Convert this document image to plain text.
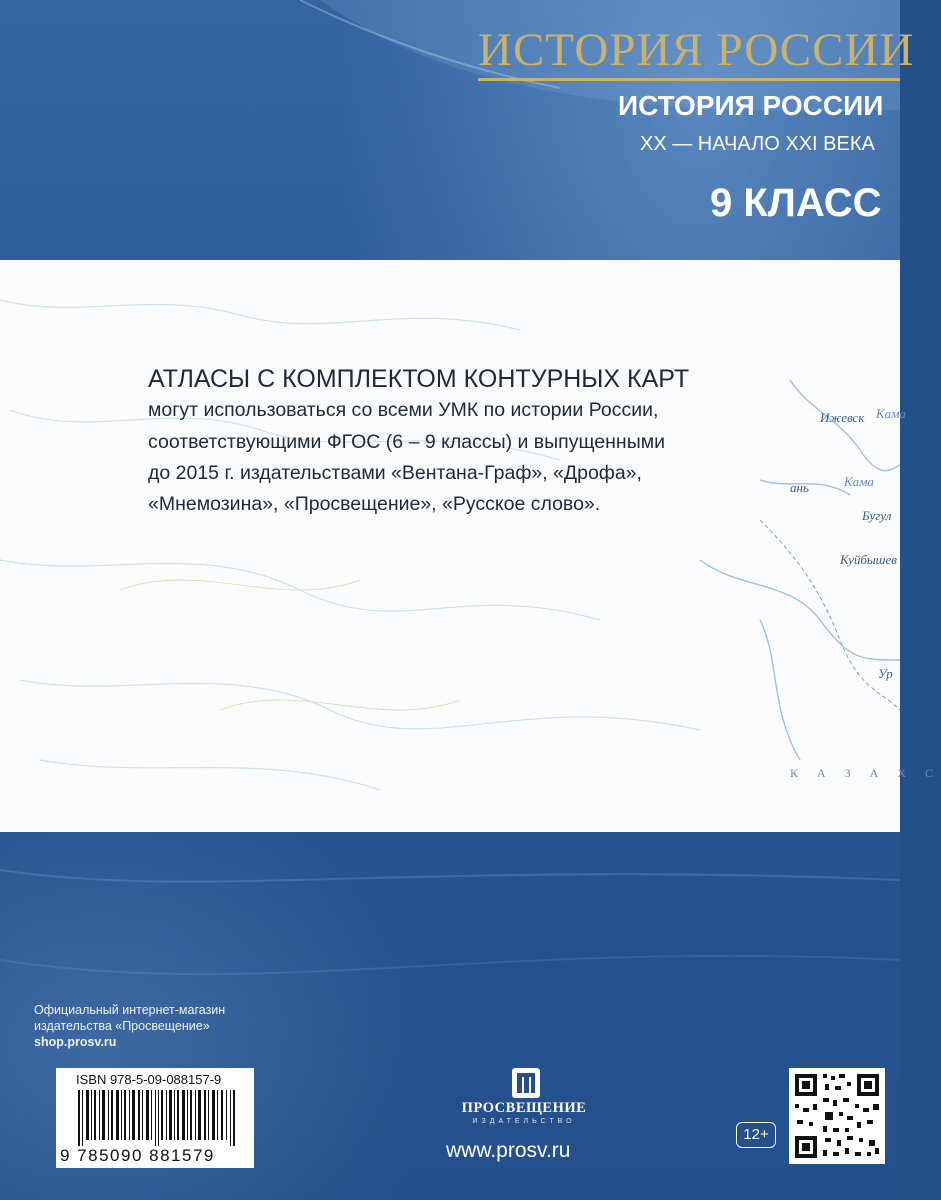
ИСТОРИЯ РОССИИ
ИСТОРИЯ РОССИИ
XX — НАЧАЛО XXI ВЕКА
9 КЛАСС
Ижевск Кама
Кама
ань
Бугул
Куйбышев
Ур
К А З А Х С
АТЛАСЫ С КОМПЛЕКТОМ КОНТУРНЫХ КАРТ
могут использоваться со всеми УМК по истории России,
соответствующими ФГОС (6 – 9 классы) и выпущенными
до 2015 г. издательствами «Вентана-Граф», «Дрофа»,
«Мнемозина», «Просвещение», «Русское слово».
Официальный интернет-магазин
издательства «Просвещение»
shop.prosv.ru
ISBN 978-5-09-088157-9
9 785090 881579
ПРОСВЕЩЕНИЕ
ИЗДАТЕЛЬСТВО
www.prosv.ru
12+
